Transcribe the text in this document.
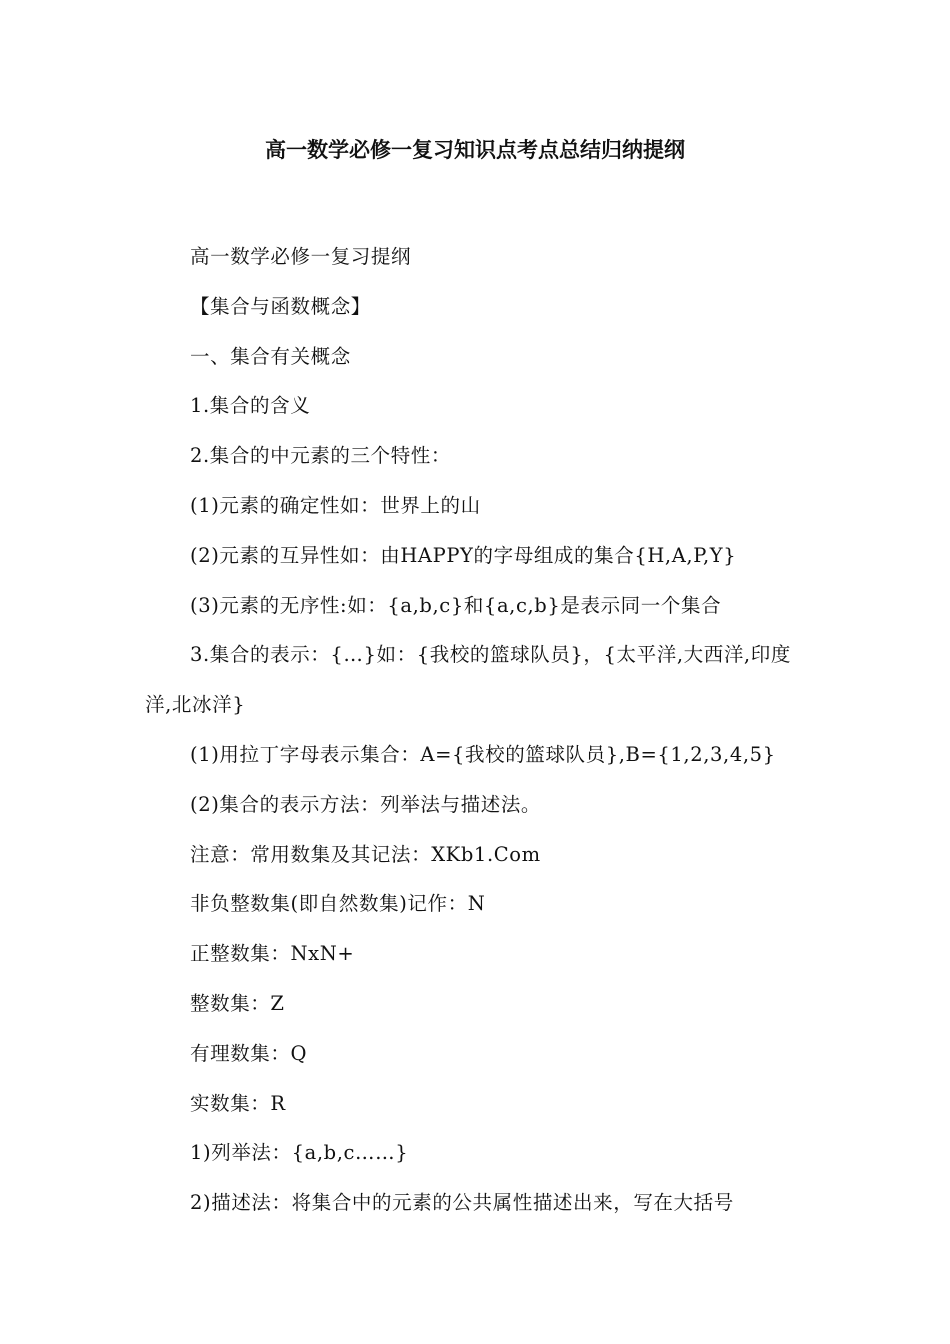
高一数学必修一复习知识点考点总结归纳提纲

高一数学必修一复习提纲

【集合与函数概念】

一、集合有关概念

1.集合的含义

2.集合的中元素的三个特性：

(1)元素的确定性如：世界上的山

(2)元素的互异性如：由HAPPY的字母组成的集合{H,A,P,Y}

(3)元素的无序性:如：{a,b,c}和{a,c,b}是表示同一个集合

3.集合的表示：{…}如：{我校的篮球队员}，{太平洋,大西洋,印度洋,北冰洋}

(1)用拉丁字母表示集合：A={我校的篮球队员},B={1,2,3,4,5}

(2)集合的表示方法：列举法与描述法。

注意：常用数集及其记法：XKb1.Com

非负整数集(即自然数集)记作：N

正整数集：NxN+

整数集：Z

有理数集：Q

实数集：R

1)列举法：{a,b,c……}

2)描述法：将集合中的元素的公共属性描述出来，写在大括号
